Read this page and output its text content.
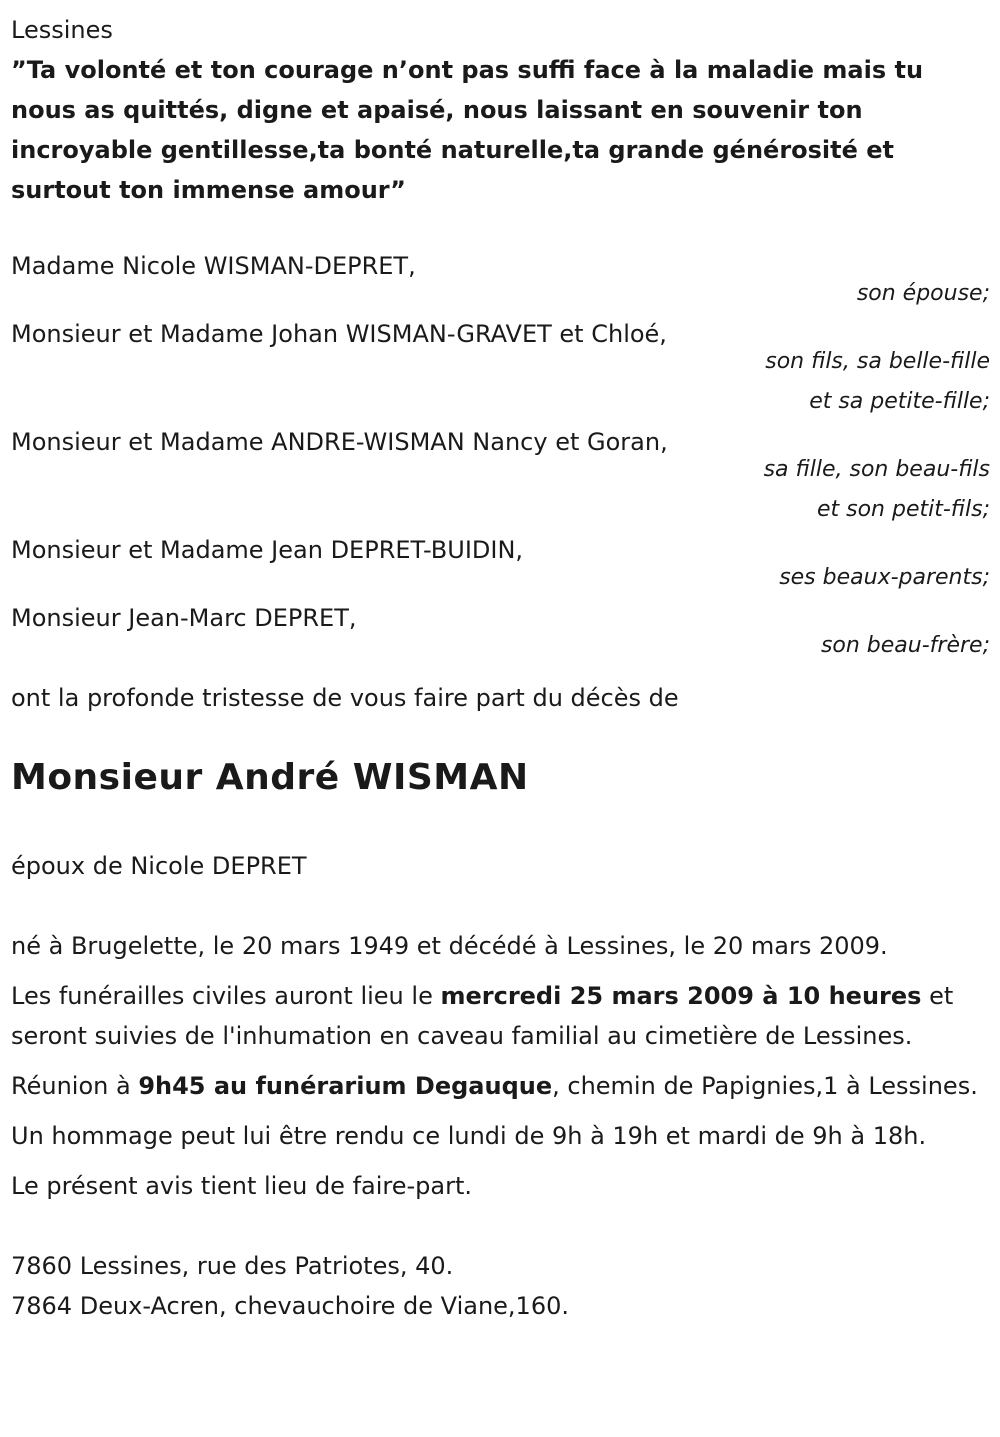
Lessines
”Ta volonté et ton courage n’ont pas suffi face à la maladie mais tu nous as quittés, digne et apaisé, nous laissant en souvenir ton incroyable gentillesse,ta bonté naturelle,ta grande générosité et surtout ton immense amour”
Madame Nicole WISMAN-DEPRET,
son épouse;
Monsieur et Madame Johan WISMAN-GRAVET et Chloé,
son fils, sa belle-fille
et sa petite-fille;
Monsieur et Madame ANDRE-WISMAN Nancy et Goran,
sa fille, son beau-fils
et son petit-fils;
Monsieur et Madame Jean DEPRET-BUIDIN,
ses beaux-parents;
Monsieur Jean-Marc DEPRET,
son beau-frère;
ont la profonde tristesse de vous faire part du décès de
Monsieur André WISMAN
époux de Nicole DEPRET
né à Brugelette, le 20 mars 1949 et décédé à Lessines, le 20 mars 2009.
Les funérailles civiles auront lieu le mercredi 25 mars 2009 à 10 heures et seront suivies de l'inhumation en caveau familial au cimetière de Lessines.
Réunion à 9h45 au funérarium Degauque, chemin de Papignies,1 à Lessines.
Un hommage peut lui être rendu ce lundi de 9h à 19h et mardi de 9h à 18h.
Le présent avis tient lieu de faire-part.
7860 Lessines, rue des Patriotes, 40.
7864 Deux-Acren, chevauchoire de Viane,160.
